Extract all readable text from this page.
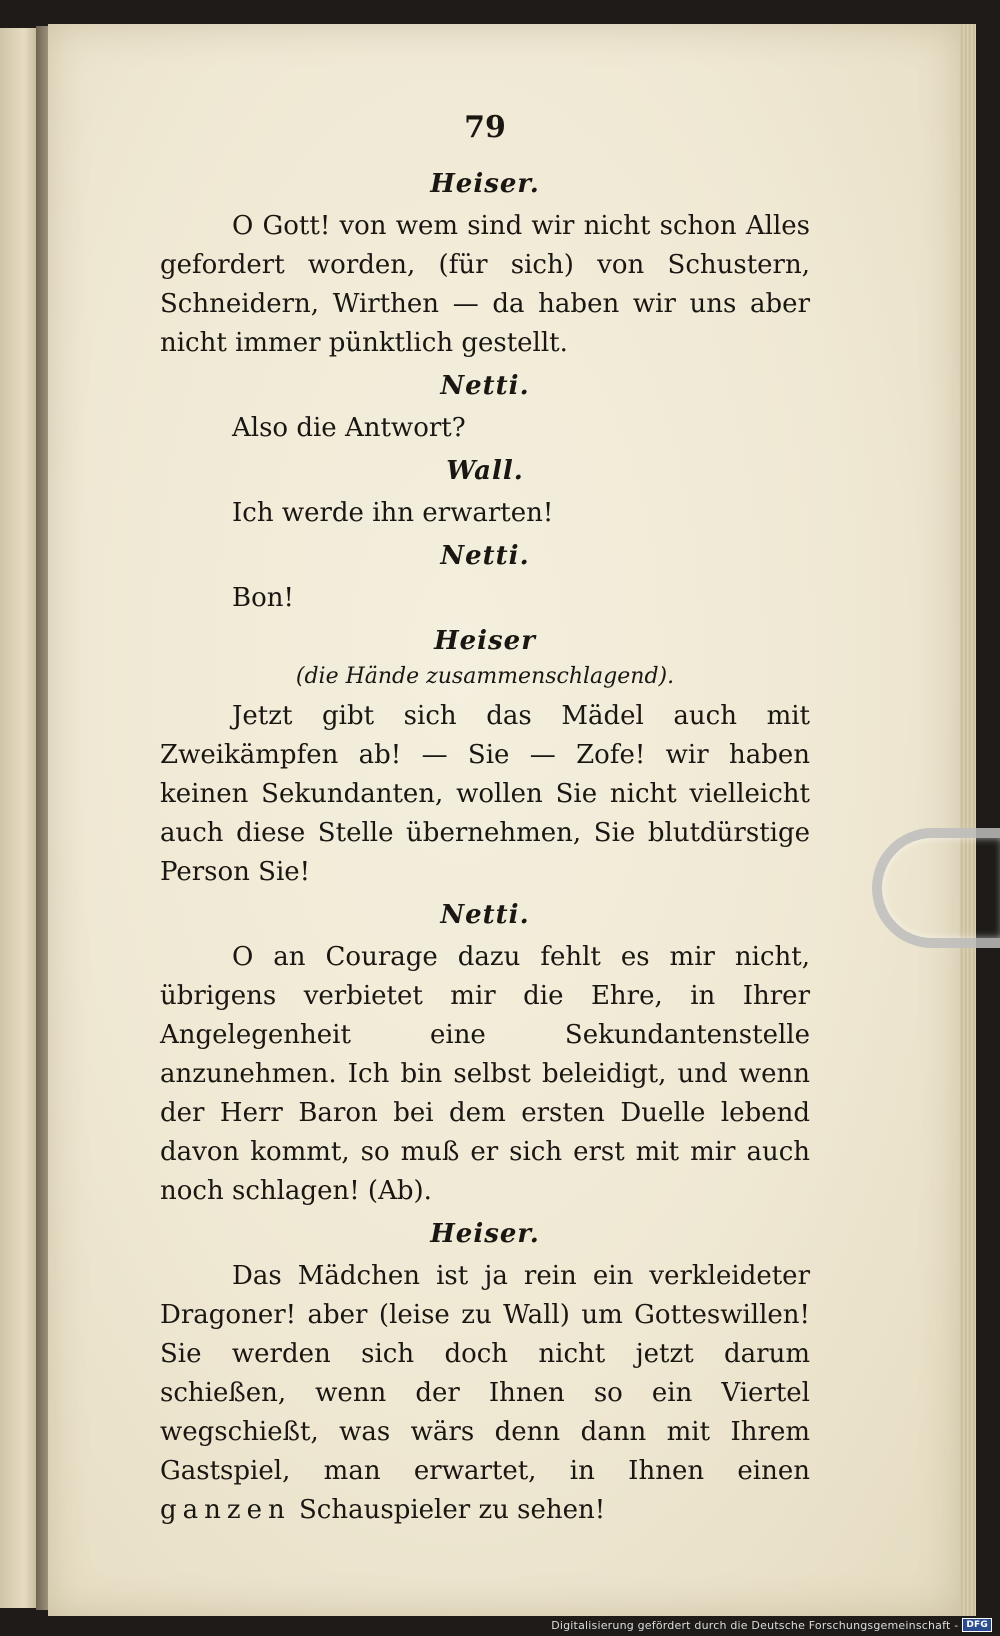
79
Heiser.

O Gott! von wem sind wir nicht schon Alles gefordert worden, (für sich) von Schustern, Schneidern, Wirthen — da haben wir uns aber nicht immer pünktlich gestellt.

Netti.

Also die Antwort?

Wall.

Ich werde ihn erwarten!

Netti.

Bon!

Heiser
(die Hände zusammenschlagend).

Jetzt gibt sich das Mädel auch mit Zweikämpfen ab! — Sie — Zofe! wir haben keinen Sekundanten, wollen Sie nicht vielleicht auch diese Stelle übernehmen, Sie blutdürstige Person Sie!

Netti.

O an Courage dazu fehlt es mir nicht, übrigens verbietet mir die Ehre, in Ihrer Angelegenheit eine Sekundantenstelle anzunehmen. Ich bin selbst beleidigt, und wenn der Herr Baron bei dem ersten Duelle lebend davon kommt, so muß er sich erst mit mir auch noch schlagen! (Ab).

Heiser.

Das Mädchen ist ja rein ein verkleideter Dragoner! aber (leise zu Wall) um Gotteswillen! Sie werden sich doch nicht jetzt darum schießen, wenn der Ihnen so ein Viertel wegschießt, was wärs denn dann mit Ihrem Gastspiel, man erwartet, in Ihnen einen ganzen Schauspieler zu sehen!

Digitalisierung gefördert durch die Deutsche Forschungsgemeinschaft - DFG
